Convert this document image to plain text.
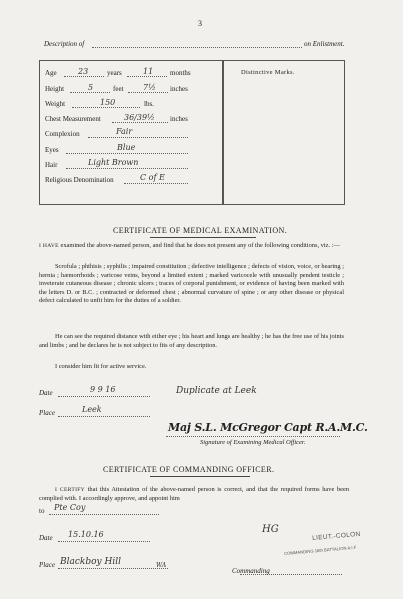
3
Description of	on Enlistment.
Distinctive Marks.
Age	23	years	11 months
Height	5	feet 7½ inches
Weight	150	lbs.
Chest Measurement	36/39½ inches
Complexion	Fair
Eyes	Blue
Hair	Light Brown
Religious Denomination	C of E
CERTIFICATE OF MEDICAL EXAMINATION.
I HAVE examined the above-named person, and find that he does not present any of the following conditions, viz. :—
Scrofula ; phthisis ; syphilis ; impaired constitution ; defective intelligence ; defects of vision, voice, or hearing ; hernia ; hæmorrhoids ; varicose veins, beyond a limited extent ; marked varicocele with unusually pendent testicle ; inveterate cutaneous disease ; chronic ulcers ; traces of corporal punishment, or evidence of having been marked with the letters D. or B.C. ; contracted or deformed chest ; abnormal curvature of spine ; or any other disease or physical defect calculated to unfit him for the duties of a soldier.
He can see the required distance with either eye ; his heart and lungs are healthy ; he has the free use of his joints and limbs ; and he declares he is not subject to fits of any description.
I consider him fit for active service.
Date	9 9 16	Duplicate at Leek
Place	Leek
Maj S.L. McGregor Capt R.A.M.C.
Signature of Examining Medical Officer.
CERTIFICATE OF COMMANDING OFFICER.
I CERTIFY that this Attestation of the above-named person is correct, and that the required forms have been complied with. I accordingly approve, and appoint him
to Pte Coy
Date 15.10.16
Place Blackboy Hill	WA
HG
LIEUT.-COLON
COMMANDING 16th BATTALION A.I.F
Commanding
